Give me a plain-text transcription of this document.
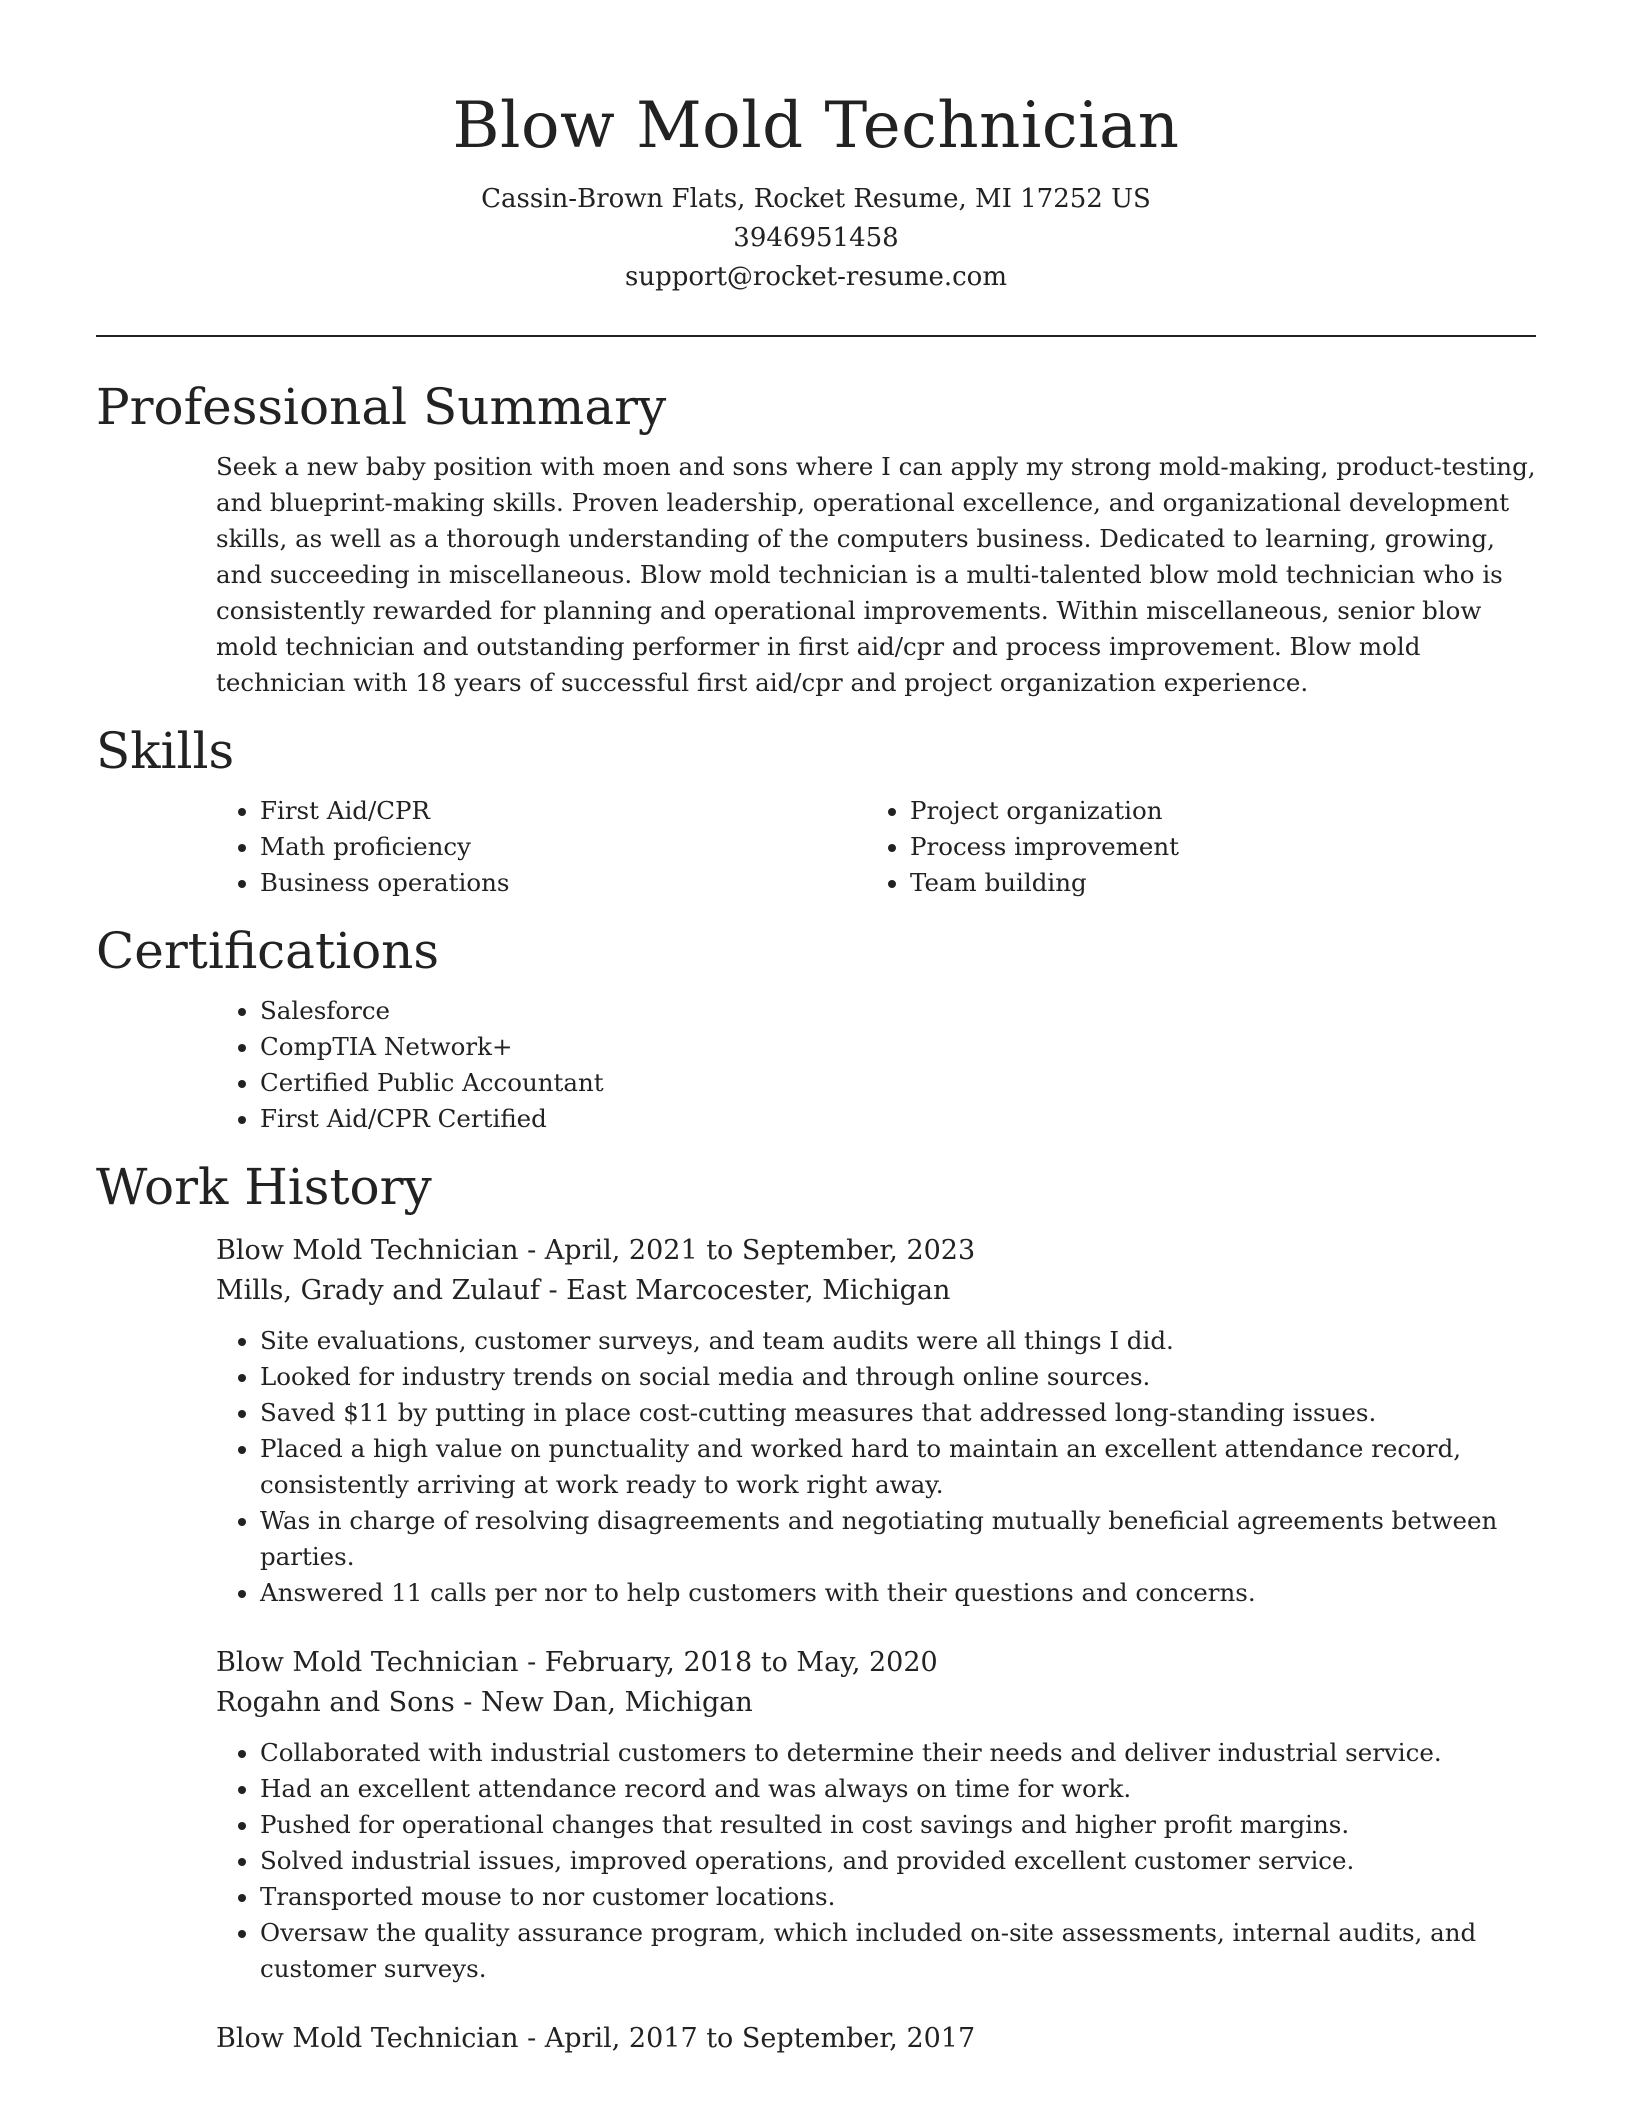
Blow Mold Technician

Cassin-Brown Flats, Rocket Resume, MI 17252 US

3946951458

support@rocket-resume.com

Professional Summary

Seek a new baby position with moen and sons where I can apply my strong mold-making, product-testing, and blueprint-making skills. Proven leadership, operational excellence, and organizational development skills, as well as a thorough understanding of the computers business. Dedicated to learning, growing, and succeeding in miscellaneous. Blow mold technician is a multi-talented blow mold technician who is consistently rewarded for planning and operational improvements. Within miscellaneous, senior blow mold technician and outstanding performer in first aid/cpr and process improvement. Blow mold technician with 18 years of successful first aid/cpr and project organization experience.

Skills
• First Aid/CPR
• Math proficiency
• Business operations
• Project organization
• Process improvement
• Team building
Certifications
• Salesforce
• CompTIA Network+
• Certified Public Accountant
• First Aid/CPR Certified
Work History

Blow Mold Technician - April, 2021 to September, 2023

Mills, Grady and Zulauf - East Marcocester, Michigan

• Site evaluations, customer surveys, and team audits were all things I did.
• Looked for industry trends on social media and through online sources.
• Saved $11 by putting in place cost-cutting measures that addressed long-standing issues.
• Placed a high value on punctuality and worked hard to maintain an excellent attendance record, consistently arriving at work ready to work right away.
• Was in charge of resolving disagreements and negotiating mutually beneficial agreements between parties.
• Answered 11 calls per nor to help customers with their questions and concerns.

Blow Mold Technician - February, 2018 to May, 2020

Rogahn and Sons - New Dan, Michigan

• Collaborated with industrial customers to determine their needs and deliver industrial service.
• Had an excellent attendance record and was always on time for work.
• Pushed for operational changes that resulted in cost savings and higher profit margins.
• Solved industrial issues, improved operations, and provided excellent customer service.
• Transported mouse to nor customer locations.
• Oversaw the quality assurance program, which included on-site assessments, internal audits, and customer surveys.

Blow Mold Technician - April, 2017 to September, 2017
